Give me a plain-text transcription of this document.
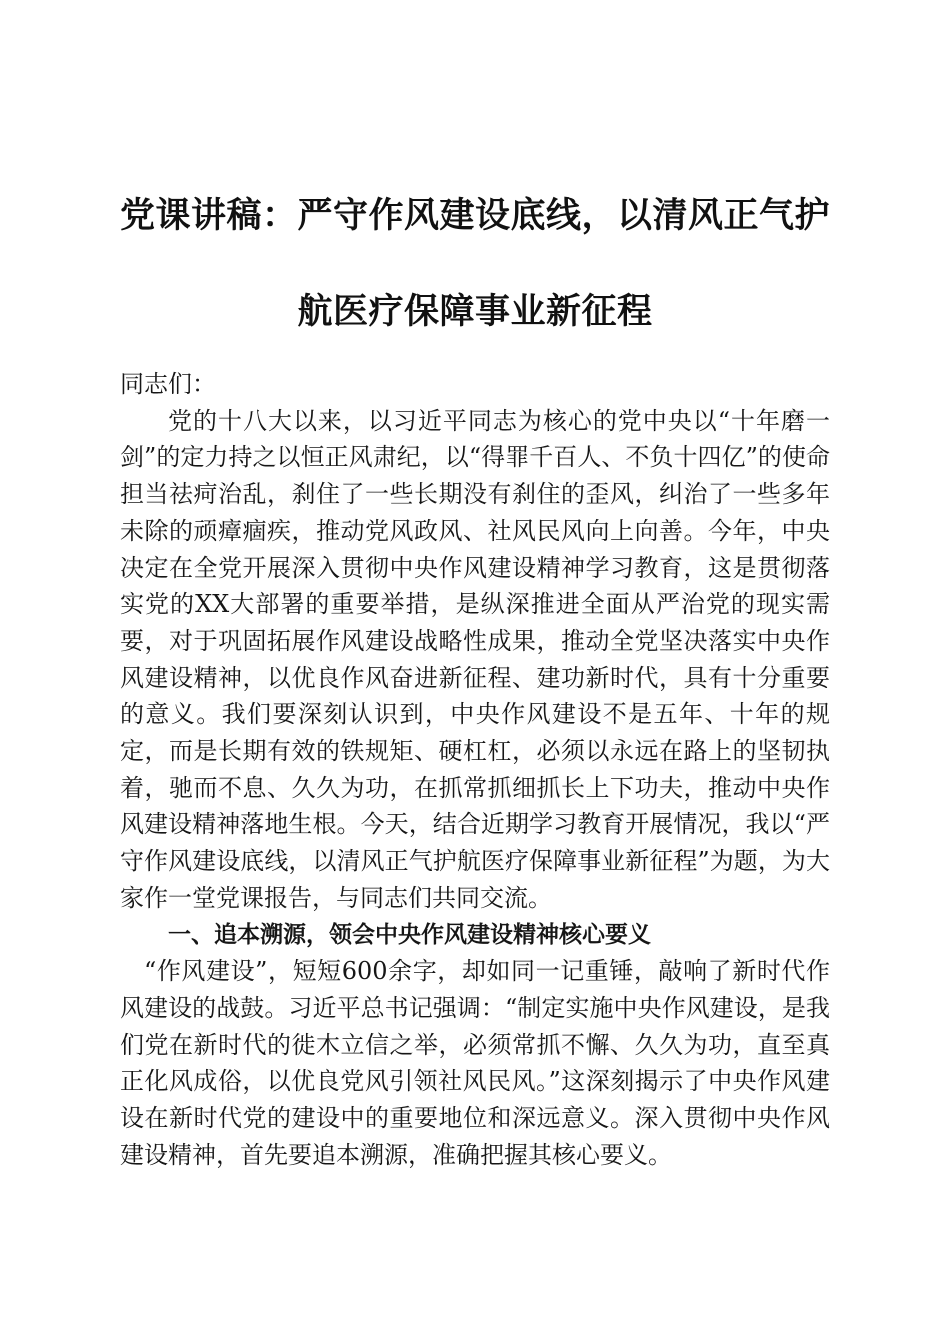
党课讲稿：严守作风建设底线，以清风正气护
航医疗保障事业新征程

同志们：

党的十八大以来，以习近平同志为核心的党中央以“十年磨一剑”的定力持之以恒正风肃纪，以“得罪千百人、不负十四亿”的使命担当祛疴治乱，刹住了一些长期没有刹住的歪风，纠治了一些多年未除的顽瘴痼疾，推动党风政风、社风民风向上向善。今年，中央决定在全党开展深入贯彻中央作风建设精神学习教育，这是贯彻落实党的XX大部署的重要举措，是纵深推进全面从严治党的现实需要，对于巩固拓展作风建设战略性成果，推动全党坚决落实中央作风建设精神，以优良作风奋进新征程、建功新时代，具有十分重要的意义。我们要深刻认识到，中央作风建设不是五年、十年的规定，而是长期有效的铁规矩、硬杠杠，必须以永远在路上的坚韧执着，驰而不息、久久为功，在抓常抓细抓长上下功夫，推动中央作风建设精神落地生根。今天，结合近期学习教育开展情况，我以“严守作风建设底线，以清风正气护航医疗保障事业新征程”为题，为大家作一堂党课报告，与同志们共同交流。

一、追本溯源，领会中央作风建设精神核心要义

“作风建设”，短短600余字，却如同一记重锤，敲响了新时代作风建设的战鼓。习近平总书记强调：“制定实施中央作风建设，是我们党在新时代的徙木立信之举，必须常抓不懈、久久为功，直至真正化风成俗，以优良党风引领社风民风。”这深刻揭示了中央作风建设在新时代党的建设中的重要地位和深远意义。深入贯彻中央作风建设精神，首先要追本溯源，准确把握其核心要义。
